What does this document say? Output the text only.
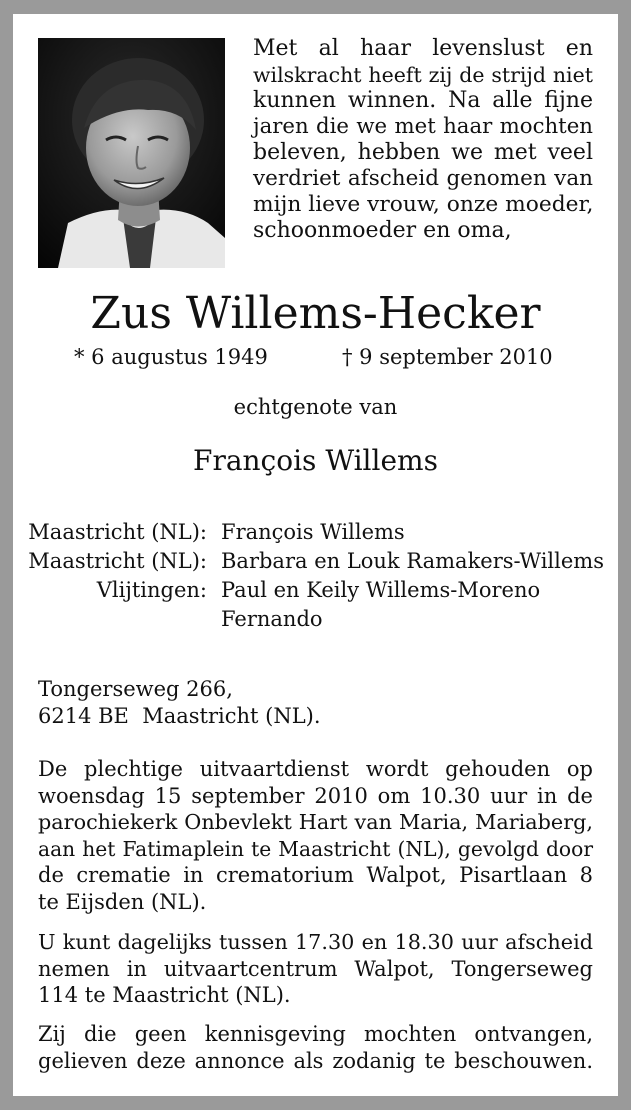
Met al haar levenslust en
wilskracht heeft zij de strijd niet
kunnen winnen. Na alle fijne
jaren die we met haar mochten
beleven, hebben we met veel
verdriet afscheid genomen van
mijn lieve vrouw, onze moeder,
schoonmoeder en oma,
Zus Willems-Hecker
* 6 augustus 1949	† 9 september 2010
echtgenote van
François Willems
Maastricht (NL): François Willems
Maastricht (NL): Barbara en Louk Ramakers-Willems
Vlijtingen: Paul en Keily Willems-Moreno
Fernando
Tongerseweg 266,
6214 BE  Maastricht (NL).
De plechtige uitvaartdienst wordt gehouden op
woensdag 15 september 2010 om 10.30 uur in de
parochiekerk Onbevlekt Hart van Maria, Mariaberg,
aan het Fatimaplein te Maastricht (NL), gevolgd door
de crematie in crematorium Walpot, Pisartlaan 8
te Eijsden (NL).
U kunt dagelijks tussen 17.30 en 18.30 uur afscheid
nemen in uitvaartcentrum Walpot, Tongerseweg
114 te Maastricht (NL).
Zij die geen kennisgeving mochten ontvangen,
gelieven deze annonce als zodanig te beschouwen.
